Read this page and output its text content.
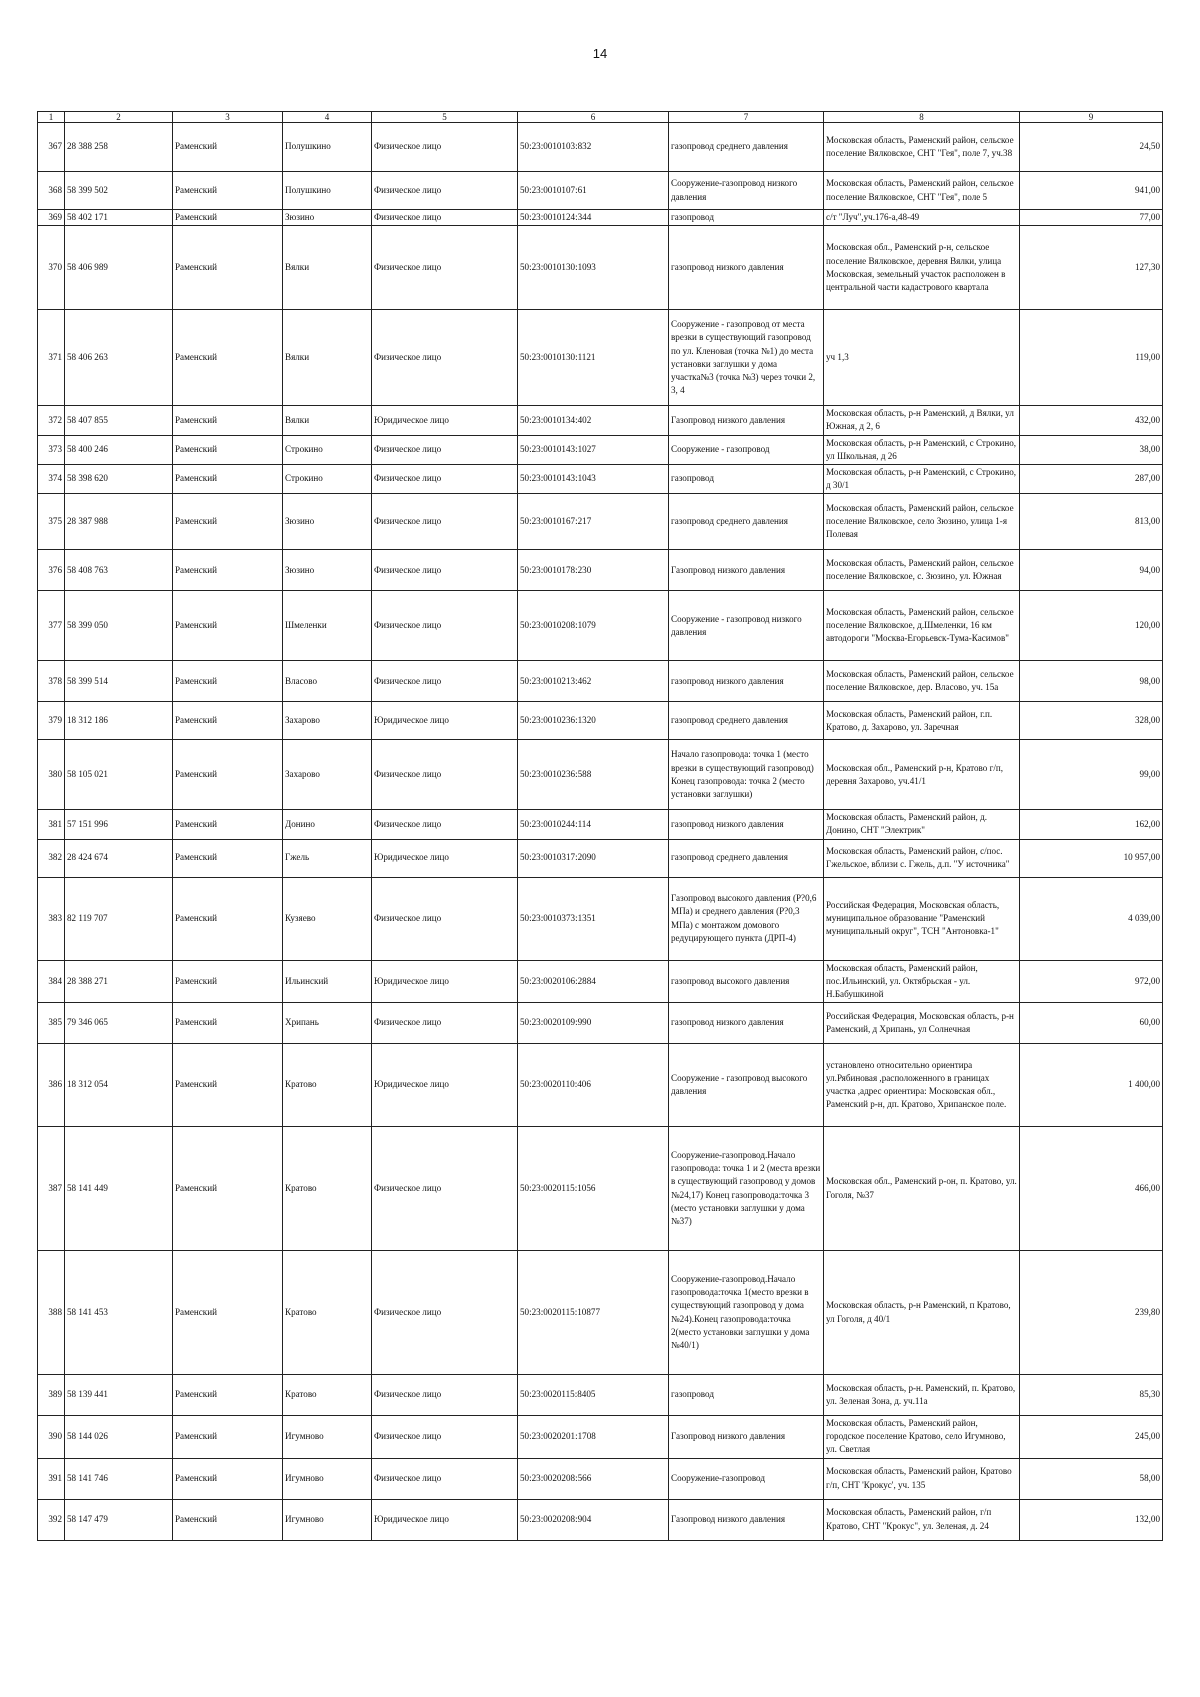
14
1	2	3	4	5	6	7	8	9
367	28 388 258	Раменский	Полушкино	Физическое лицо	50:23:0010103:832	газопровод среднего давления	Московская область, Раменский район, сельское поселение Вялковское, СНТ "Гея", поле 7, уч.38	24,50
368	58 399 502	Раменский	Полушкино	Физическое лицо	50:23:0010107:61	Сооружение-газопровод низкого давления	Московская область, Раменский район, сельское поселение Вялковское, СНТ "Гея", поле 5	941,00
369	58 402 171	Раменский	Зюзино	Физическое лицо	50:23:0010124:344	газопровод	с/т "Луч",уч.176-а,48-49	77,00
370	58 406 989	Раменский	Вялки	Физическое лицо	50:23:0010130:1093	газопровод низкого давления	Московская обл., Раменский р-н, сельское поселение Вялковское, деревня Вялки, улица Московская, земельный участок расположен в центральной части кадастрового квартала	127,30
371	58 406 263	Раменский	Вялки	Физическое лицо	50:23:0010130:1121	Сооружение - газопровод от места врезки в существующий газопровод по ул. Кленовая (точка №1) до места установки заглушки у дома участка№3 (точка №3) через точки 2, 3, 4	уч 1,3	119,00
372	58 407 855	Раменский	Вялки	Юридическое лицо	50:23:0010134:402	Газопровод низкого давления	Московская область, р-н Раменский, д Вялки, ул Южная, д 2, 6	432,00
373	58 400 246	Раменский	Строкино	Физическое лицо	50:23:0010143:1027	Сооружение - газопровод	Московская область, р-н Раменский, с Строкино, ул Школьная, д 26	38,00
374	58 398 620	Раменский	Строкино	Физическое лицо	50:23:0010143:1043	газопровод	Московская область, р-н Раменский, с Строкино, д 30/1	287,00
375	28 387 988	Раменский	Зюзино	Физическое лицо	50:23:0010167:217	газопровод среднего давления	Московская область, Раменский район, сельское поселение Вялковское, село Зюзино, улица 1-я Полевая	813,00
376	58 408 763	Раменский	Зюзино	Физическое лицо	50:23:0010178:230	Газопровод низкого давления	Московская область, Раменский район, сельское поселение Вялковское, с. Зюзино, ул. Южная	94,00
377	58 399 050	Раменский	Шмеленки	Физическое лицо	50:23:0010208:1079	Сооружение - газопровод низкого давления	Московская область, Раменский район, сельское поселение Вялковское, д.Шмеленки, 16 км автодороги "Москва-Егорьевск-Тума-Касимов"	120,00
378	58 399 514	Раменский	Власово	Физическое лицо	50:23:0010213:462	газопровод низкого давления	Московская область, Раменский район, сельское поселение Вялковское, дер. Власово, уч. 15а	98,00
379	18 312 186	Раменский	Захарово	Юридическое лицо	50:23:0010236:1320	газопровод среднего давления	Московская область, Раменский район, г.п. Кратово, д. Захарово, ул. Заречная	328,00
380	58 105 021	Раменский	Захарово	Физическое лицо	50:23:0010236:588	Начало газопровода: точка 1 (место врезки в существующий газопровод) Конец газопровода: точка 2 (место установки заглушки)	Московская обл., Раменский р-н, Кратово г/п, деревня Захарово, уч.41/1	99,00
381	57 151 996	Раменский	Донино	Физическое лицо	50:23:0010244:114	газопровод низкого давления	Московская область, Раменский район, д. Донино, СНТ "Электрик"	162,00
382	28 424 674	Раменский	Гжель	Юридическое лицо	50:23:0010317:2090	газопровод среднего давления	Московская область, Раменский район, с/пос. Гжельское, вблизи с. Гжель, д.п. "У источника"	10 957,00
383	82 119 707	Раменский	Кузяево	Физическое лицо	50:23:0010373:1351	Газопровод высокого давления (Р?0,6 МПа) и среднего давления (Р?0,3 МПа) с монтажом домового редуцирующего пункта (ДРП-4)	Российская Федерация, Московская область, муниципальное образование "Раменский муниципальный округ", ТСН "Антоновка-1"	4 039,00
384	28 388 271	Раменский	Ильинский	Юридическое лицо	50:23:0020106:2884	газопровод высокого давления	Московская область, Раменский район, пос.Ильинский, ул. Октябрьская - ул. Н.Бабушкиной	972,00
385	79 346 065	Раменский	Хрипань	Физическое лицо	50:23:0020109:990	газопровод низкого давления	Российская Федерация, Московская область, р-н Раменский, д Хрипань, ул Солнечная	60,00
386	18 312 054	Раменский	Кратово	Юридическое лицо	50:23:0020110:406	Сооружение - газопровод высокого давления	установлено относительно ориентира ул.Рябиновая ,расположенного в границах участка ,адрес ориентира: Московская обл., Раменский р-н, дп. Кратово, Хрипанское поле.	1 400,00
387	58 141 449	Раменский	Кратово	Физическое лицо	50:23:0020115:1056	Сооружение-газопровод.Начало газопровода: точка 1 и 2 (места врезки в существующий газопровод у домов №24,17) Конец газопровода:точка 3 (место установки заглушки у дома №37)	Московская обл., Раменский р-он, п. Кратово, ул. Гоголя, №37	466,00
388	58 141 453	Раменский	Кратово	Физическое лицо	50:23:0020115:10877	Сооружение-газопровод.Начало газопровода:точка 1(место врезки в существующий газопровод у дома №24).Конец газопровода:точка 2(место установки заглушки у дома №40/1)	Московская область, р-н Раменский, п Кратово, ул Гоголя, д 40/1	239,80
389	58 139 441	Раменский	Кратово	Физическое лицо	50:23:0020115:8405	газопровод	Московская область, р-н. Раменский, п. Кратово, ул. Зеленая Зона, д. уч.11а	85,30
390	58 144 026	Раменский	Игумново	Физическое лицо	50:23:0020201:1708	Газопровод низкого давления	Московская область, Раменский район, городское поселение Кратово, село Игумново, ул. Светлая	245,00
391	58 141 746	Раменский	Игумново	Физическое лицо	50:23:0020208:566	Сооружение-газопровод	Московская область, Раменский район, Кратово г/п, СНТ 'Крокус', уч. 135	58,00
392	58 147 479	Раменский	Игумново	Юридическое лицо	50:23:0020208:904	Газопровод низкого давления	Московская область, Раменский район, г/п Кратово, СНТ "Крокус", ул. Зеленая, д. 24	132,00
